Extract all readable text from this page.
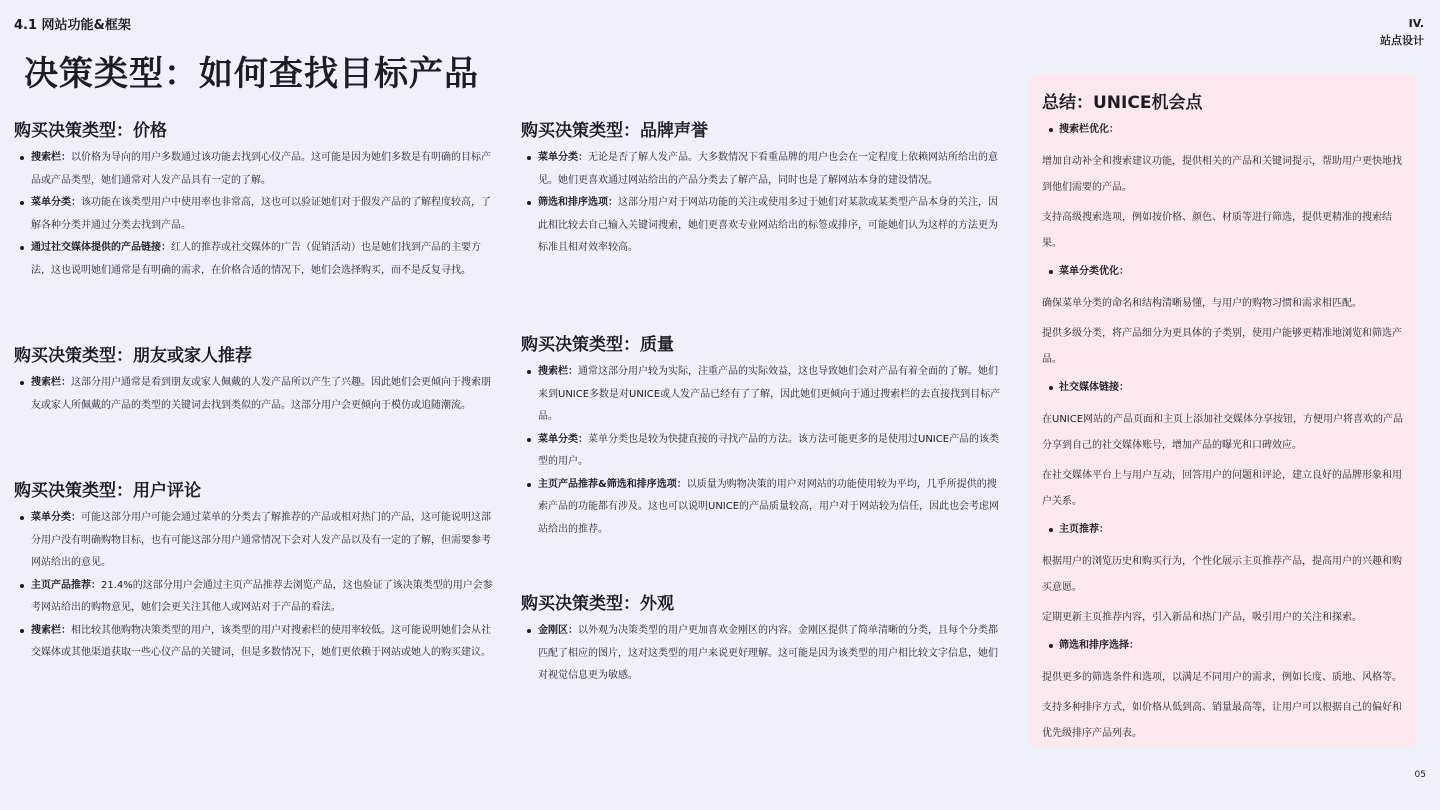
4.1 网站功能&框架	IV.
站点设计
决策类型：如何查找目标产品
购买决策类型：价格
搜索栏：以价格为导向的用户多数通过该功能去找到心仪产品。这可能是因为她们多数是有明确的目标产品或产品类型，她们通常对人发产品具有一定的了解。
菜单分类：该功能在该类型用户中使用率也非常高，这也可以验证她们对于假发产品的了解程度较高，了解各种分类并通过分类去找到产品。
通过社交媒体提供的产品链接：红人的推荐或社交媒体的广告（促销活动）也是她们找到产品的主要方法，这也说明她们通常是有明确的需求，在价格合适的情况下，她们会选择购买，而不是反复寻找。
购买决策类型：朋友或家人推荐
搜索栏：这部分用户通常是看到朋友或家人佩戴的人发产品所以产生了兴趣。因此她们会更倾向于搜索朋友或家人所佩戴的产品的类型的关键词去找到类似的产品。这部分用户会更倾向于模仿或追随潮流。
购买决策类型：用户评论
菜单分类：可能这部分用户可能会通过菜单的分类去了解推荐的产品或相对热门的产品，这可能说明这部分用户没有明确购物目标，也有可能这部分用户通常情况下会对人发产品以及有一定的了解，但需要参考网站给出的意见。
主页产品推荐：21.4%的这部分用户会通过主页产品推荐去浏览产品，这也验证了该决策类型的用户会参考网站给出的购物意见，她们会更关注其他人或网站对于产品的看法。
搜索栏：相比较其他购物决策类型的用户，该类型的用户对搜索栏的使用率较低。这可能说明她们会从社交媒体或其他渠道获取一些心仪产品的关键词，但是多数情况下，她们更依赖于网站或她人的购买建议。
购买决策类型：品牌声誉
菜单分类：无论是否了解人发产品。大多数情况下看重品牌的用户也会在一定程度上依赖网站所给出的意见。她们更喜欢通过网站给出的产品分类去了解产品，同时也是了解网站本身的建设情况。
筛选和排序选项：这部分用户对于网站功能的关注或使用多过于她们对某款或某类型产品本身的关注，因此相比较去自己输入关键词搜索，她们更喜欢专业网站给出的标签或排序，可能她们认为这样的方法更为标准且相对效率较高。
购买决策类型：质量
搜索栏：通常这部分用户较为实际，注重产品的实际效益，这也导致她们会对产品有着全面的了解。她们来到UNICE多数是对UNICE或人发产品已经有了了解，因此她们更倾向于通过搜索栏的去直接找到目标产品。
菜单分类：菜单分类也是较为快捷直接的寻找产品的方法。该方法可能更多的是使用过UNICE产品的该类型的用户。
主页产品推荐&筛选和排序选项：以质量为购物决策的用户对网站的功能使用较为平均，几乎所提供的搜索产品的功能都有涉及。这也可以说明UNICE的产品质量较高，用户对于网站较为信任，因此也会考虑网站给出的推荐。
购买决策类型：外观
金刚区：以外观为决策类型的用户更加喜欢金刚区的内容。金刚区提供了简单清晰的分类，且每个分类都匹配了相应的图片，这对这类型的用户来说更好理解。这可能是因为该类型的用户相比较文字信息，她们对视觉信息更为敏感。
总结：UNICE机会点
搜索栏优化：

增加自动补全和搜索建议功能，提供相关的产品和关键词提示，帮助用户更快地找到他们需要的产品。

支持高级搜索选项，例如按价格、颜色、材质等进行筛选，提供更精准的搜索结果。

菜单分类优化：

确保菜单分类的命名和结构清晰易懂，与用户的购物习惯和需求相匹配。

提供多级分类，将产品细分为更具体的子类别，使用户能够更精准地浏览和筛选产品。

社交媒体链接：

在UNICE网站的产品页面和主页上添加社交媒体分享按钮，方便用户将喜欢的产品分享到自己的社交媒体账号，增加产品的曝光和口碑效应。

在社交媒体平台上与用户互动，回答用户的问题和评论，建立良好的品牌形象和用户关系。

主页推荐：

根据用户的浏览历史和购买行为，个性化展示主页推荐产品，提高用户的兴趣和购买意愿。

定期更新主页推荐内容，引入新品和热门产品，吸引用户的关注和探索。

筛选和排序选择：

提供更多的筛选条件和选项，以满足不同用户的需求，例如长度、质地、风格等。

支持多种排序方式，如价格从低到高、销量最高等，让用户可以根据自己的偏好和优先级排序产品列表。

05
